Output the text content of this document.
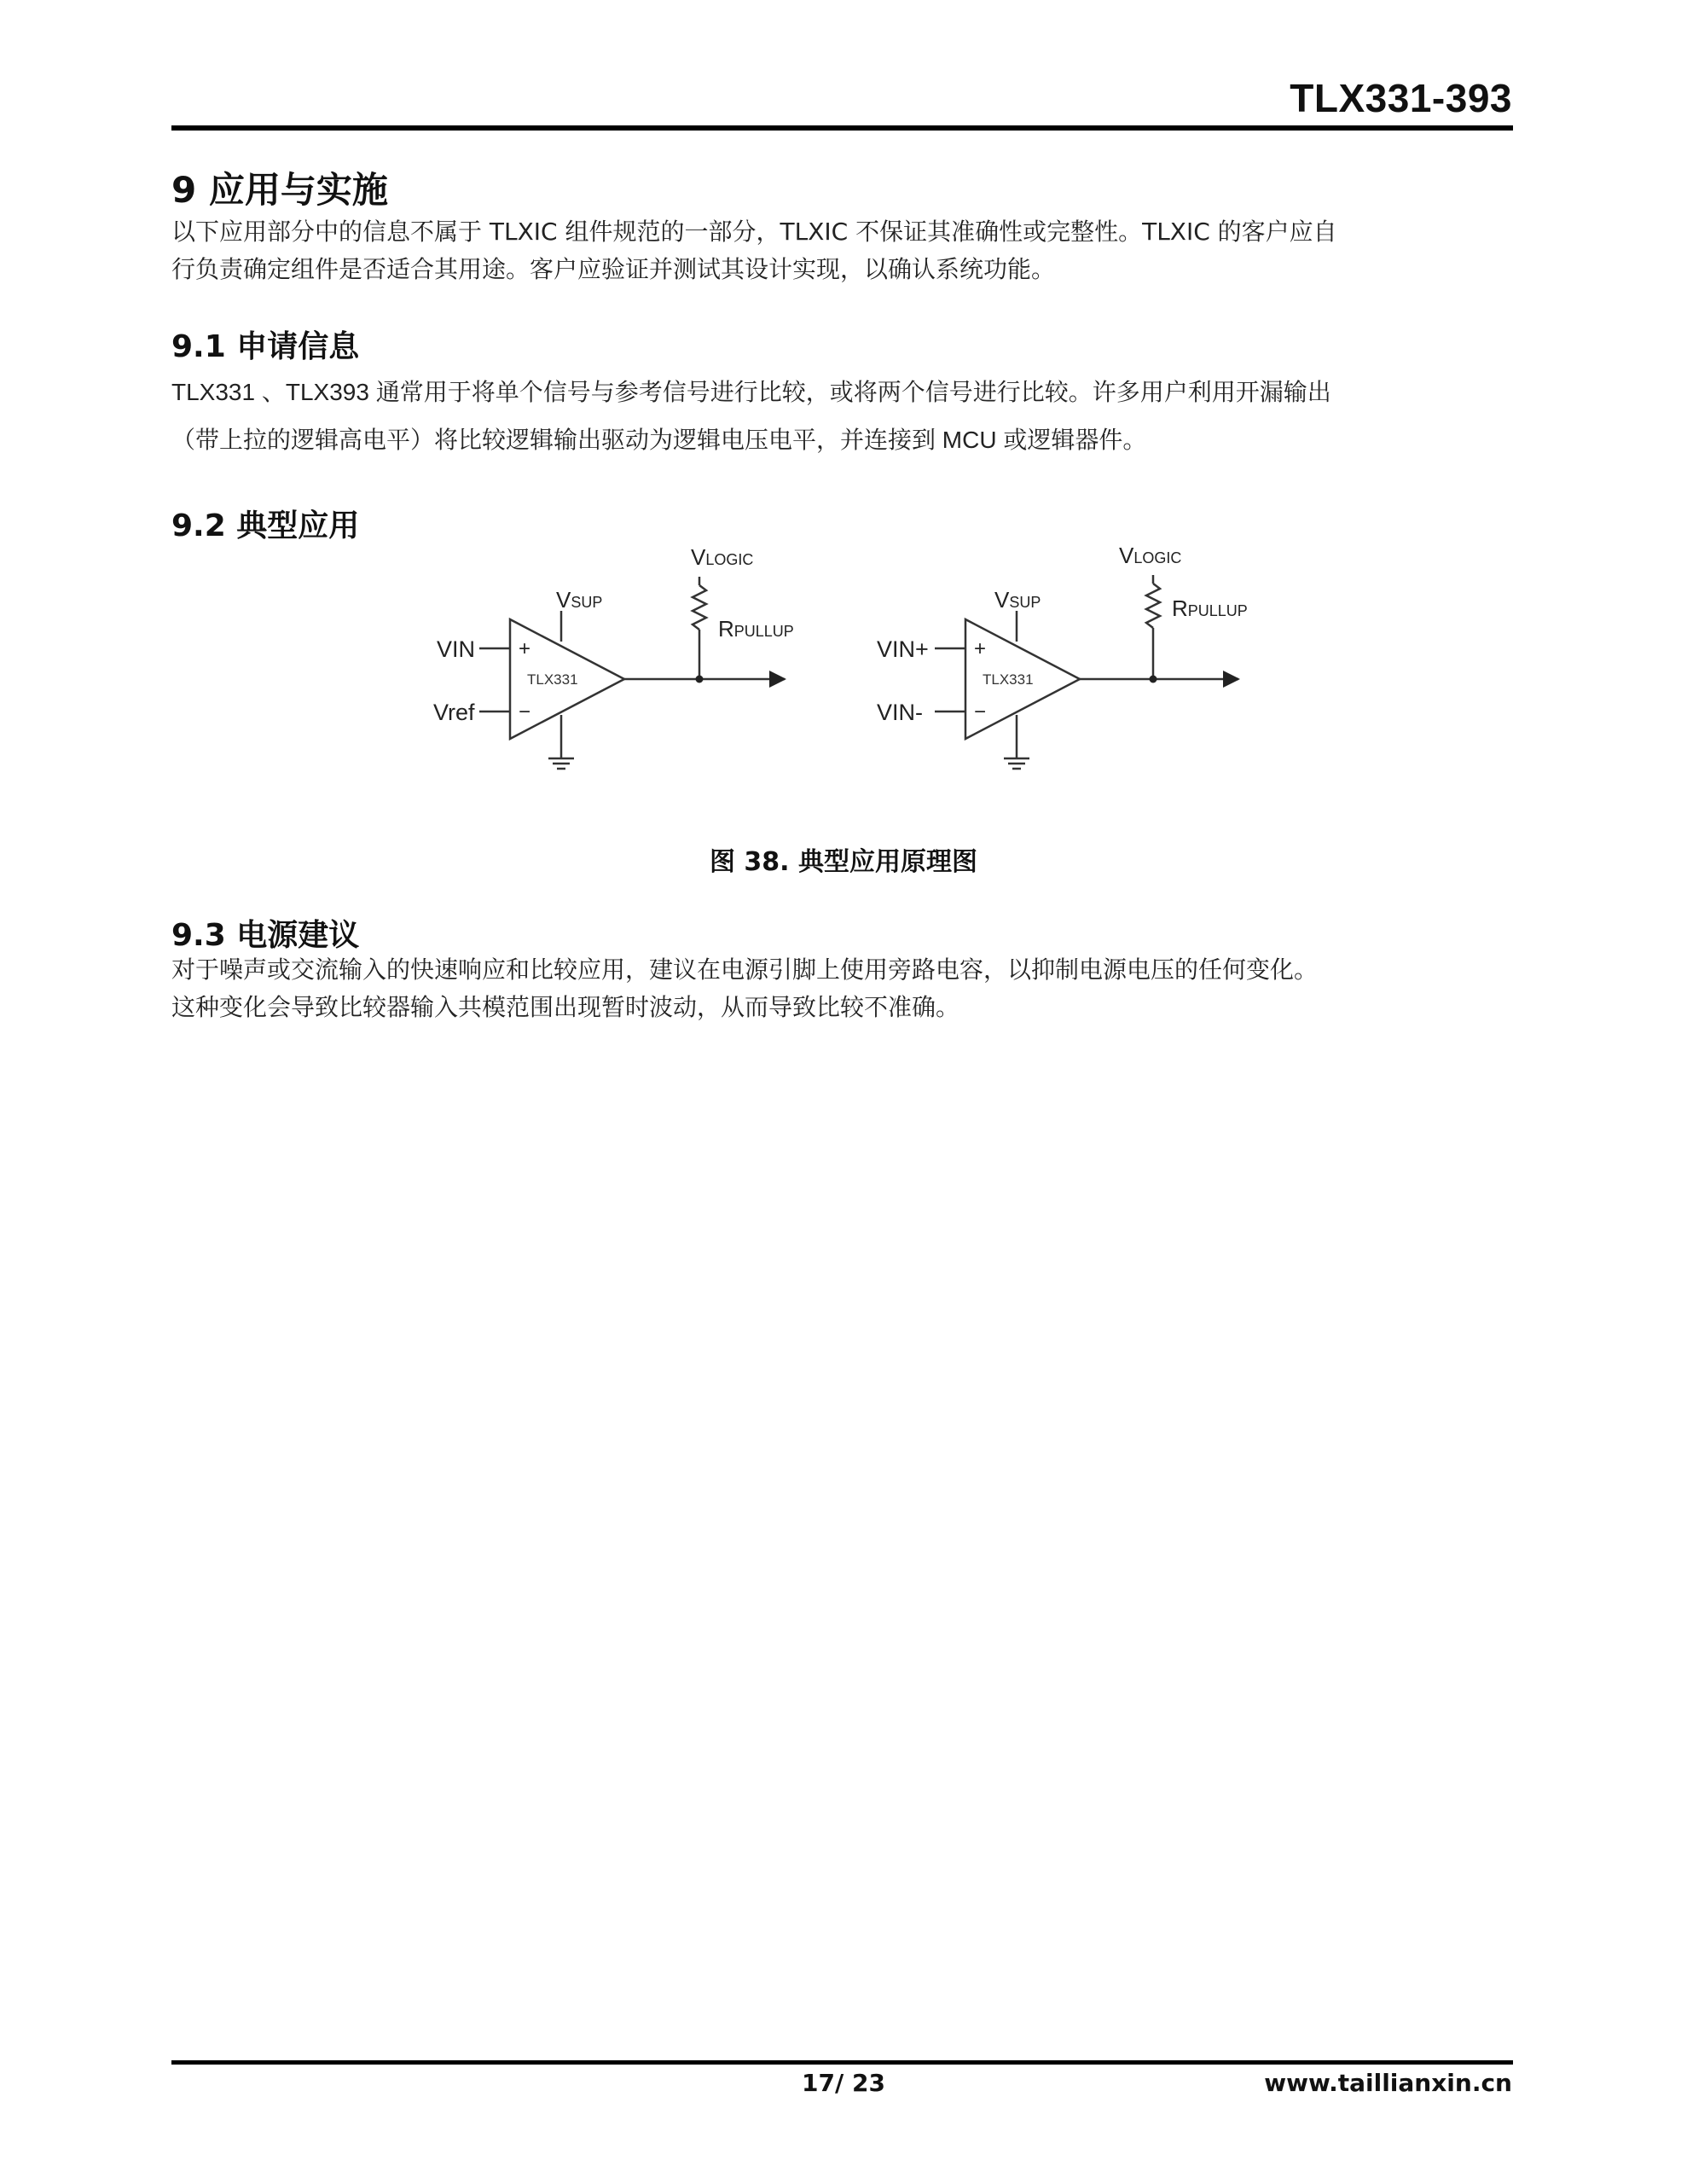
TLX331-393
9 应用与实施
以下应用部分中的信息不属于 TLXIC 组件规范的一部分，TLXIC 不保证其准确性或完整性。TLXIC 的客户应自
行负责确定组件是否适合其用途。客户应验证并测试其设计实现，以确认系统功能。
9.1 申请信息
TLX331 、TLX393 通常用于将单个信号与参考信号进行比较，或将两个信号进行比较。许多用户利用开漏输出
（带上拉的逻辑高电平）将比较逻辑输出驱动为逻辑电压电平，并连接到 MCU 或逻辑器件。
9.2 典型应用
VSUP
VLOGIC
RPULLUP
VIN
Vref
+
−
TLX331
VSUP
VLOGIC
RPULLUP
VIN+
VIN-
+
−
TLX331
图 38. 典型应用原理图
9.3 电源建议
对于噪声或交流输入的快速响应和比较应用，建议在电源引脚上使用旁路电容，以抑制电源电压的任何变化。
这种变化会导致比较器输入共模范围出现暂时波动，从而导致比较不准确。
17/ 23	www.taillianxin.cn
